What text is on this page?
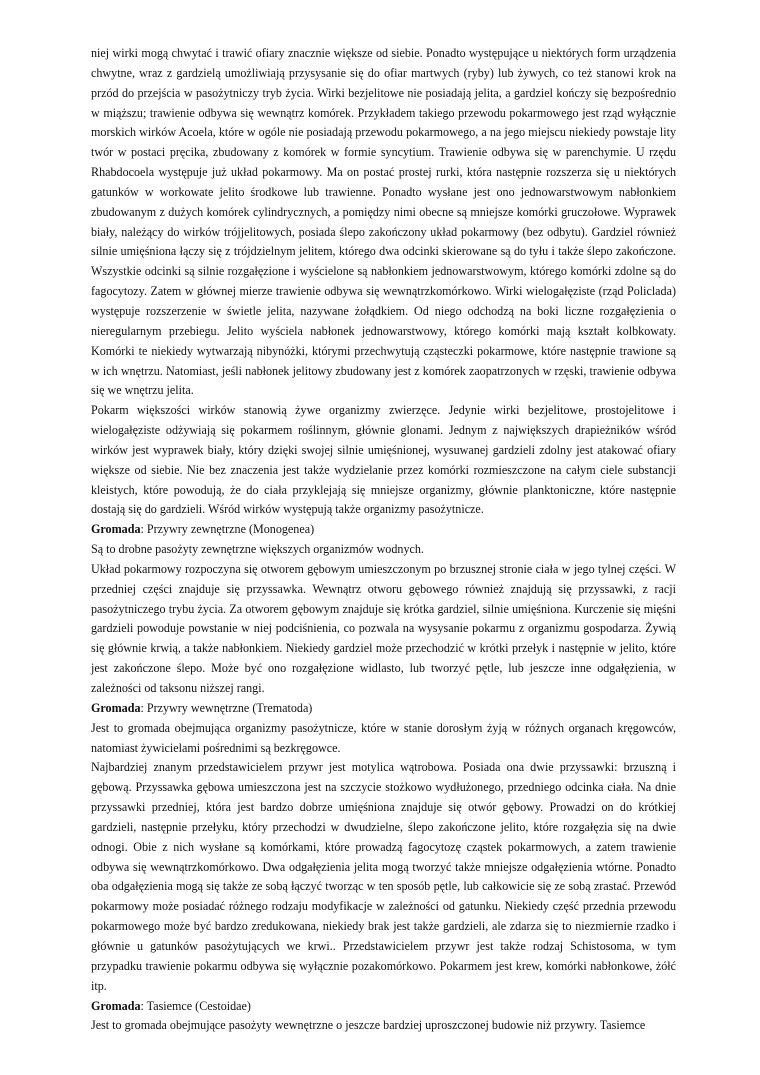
niej wirki mogą chwytać i trawić ofiary znacznie większe od siebie. Ponadto występujące u niektórych form urządzenia chwytne, wraz z gardzielą umożliwiają przysysanie się do ofiar martwych (ryby) lub żywych, co też stanowi krok na przód do przejścia w pasożytniczy tryb życia. Wirki bezjelitowe nie posiadają jelita, a gardziel kończy się bezpośrednio w miąższu; trawienie odbywa się wewnątrz komórek. Przykładem takiego przewodu pokarmowego jest rząd wyłącznie morskich wirków Acoela, które w ogóle nie posiadają przewodu pokarmowego, a na jego miejscu niekiedy powstaje lity twór w postaci pręcika, zbudowany z komórek w formie syncytium. Trawienie odbywa się w parenchymie. U rzędu Rhabdocoela występuje już układ pokarmowy. Ma on postać prostej rurki, która następnie rozszerza się u niektórych gatunków w workowate jelito środkowe lub trawienne. Ponadto wysłane jest ono jednowarstwowym nabłonkiem zbudowanym z dużych komórek cylindrycznych, a pomiędzy nimi obecne są mniejsze komórki gruczołowe. Wyprawek biały, należący do wirków trójjelitowych, posiada ślepo zakończony układ pokarmowy (bez odbytu). Gardziel również silnie umięśniona łączy się z trójdzielnym jelitem, którego dwa odcinki skierowane są do tyłu i także ślepo zakończone. Wszystkie odcinki są silnie rozgałęzione i wyścielone są nabłonkiem jednowarstwowym, którego komórki zdolne są do fagocytozy. Zatem w głównej mierze trawienie odbywa się wewnątrzkomórkowo. Wirki wielogałęziste (rząd Policlada) występuje rozszerzenie w świetle jelita, nazywane żołądkiem. Od niego odchodzą na boki liczne rozgałęzienia o nieregularnym przebiegu. Jelito wyściela nabłonek jednowarstwowy, którego komórki mają kształt kolbkowaty. Komórki te niekiedy wytwarzają nibynóżki, którymi przechwytują cząsteczki pokarmowe, które następnie trawione są w ich wnętrzu. Natomiast, jeśli nabłonek jelitowy zbudowany jest z komórek zaopatrzonych w rzęski, trawienie odbywa się we wnętrzu jelita.

Pokarm większości wirków stanowią żywe organizmy zwierzęce. Jedynie wirki bezjelitowe, prostojelitowe i wielogałęziste odżywiają się pokarmem roślinnym, głównie glonami. Jednym z największych drapieżników wśród wirków jest wyprawek biały, który dzięki swojej silnie umięśnionej, wysuwanej gardzieli zdolny jest atakować ofiary większe od siebie. Nie bez znaczenia jest także wydzielanie przez komórki rozmieszczone na całym ciele substancji kleistych, które powodują, że do ciała przyklejają się mniejsze organizmy, głównie planktoniczne, które następnie dostają się do gardzieli. Wśród wirków występują także organizmy pasożytnicze.

Gromada: Przywry zewnętrzne (Monogenea)

Są to drobne pasożyty zewnętrzne większych organizmów wodnych.

Układ pokarmowy rozpoczyna się otworem gębowym umieszczonym po brzusznej stronie ciała w jego tylnej części. W przedniej części znajduje się przyssawka. Wewnątrz otworu gębowego również znajdują się przyssawki, z racji pasożytniczego trybu życia. Za otworem gębowym znajduje się krótka gardziel, silnie umięśniona. Kurczenie się mięśni gardzieli powoduje powstanie w niej podciśnienia, co pozwala na wysysanie pokarmu z organizmu gospodarza. Żywią się głównie krwią, a także nabłonkiem. Niekiedy gardziel może przechodzić w krótki przełyk i następnie w jelito, które jest zakończone ślepo. Może być ono rozgałęzione widlasto, lub tworzyć pętle, lub jeszcze inne odgałęzienia, w zależności od taksonu niższej rangi.

Gromada: Przywry wewnętrzne (Trematoda)

Jest to gromada obejmująca organizmy pasożytnicze, które w stanie dorosłym żyją w różnych organach kręgowców, natomiast żywicielami pośrednimi są bezkręgowce.

Najbardziej znanym przedstawicielem przywr jest motylica wątrobowa. Posiada ona dwie przyssawki: brzuszną i gębową. Przyssawka gębowa umieszczona jest na szczycie stożkowo wydłużonego, przedniego odcinka ciała. Na dnie przyssawki przedniej, która jest bardzo dobrze umięśniona znajduje się otwór gębowy. Prowadzi on do krótkiej gardzieli, następnie przełyku, który przechodzi w dwudzielne, ślepo zakończone jelito, które rozgałęzia się na dwie odnogi. Obie z nich wysłane są komórkami, które prowadzą fagocytozę cząstek pokarmowych, a zatem trawienie odbywa się wewnątrzkomórkowo. Dwa odgałęzienia jelita mogą tworzyć także mniejsze odgałęzienia wtórne. Ponadto oba odgałęzienia mogą się także ze sobą łączyć tworząc w ten sposób pętle, lub całkowicie się ze sobą zrastać. Przewód pokarmowy może posiadać różnego rodzaju modyfikacje w zależności od gatunku. Niekiedy część przednia przewodu pokarmowego może być bardzo zredukowana, niekiedy brak jest także gardzieli, ale zdarza się to niezmiernie rzadko i głównie u gatunków pasożytujących we krwi.. Przedstawicielem przywr jest także rodzaj Schistosoma, w tym przypadku trawienie pokarmu odbywa się wyłącznie pozakomórkowo. Pokarmem jest krew, komórki nabłonkowe, żółć itp.

Gromada: Tasiemce (Cestoidae)

Jest to gromada obejmujące pasożyty wewnętrzne o jeszcze bardziej uproszczonej budowie niż przywry. Tasiemce
